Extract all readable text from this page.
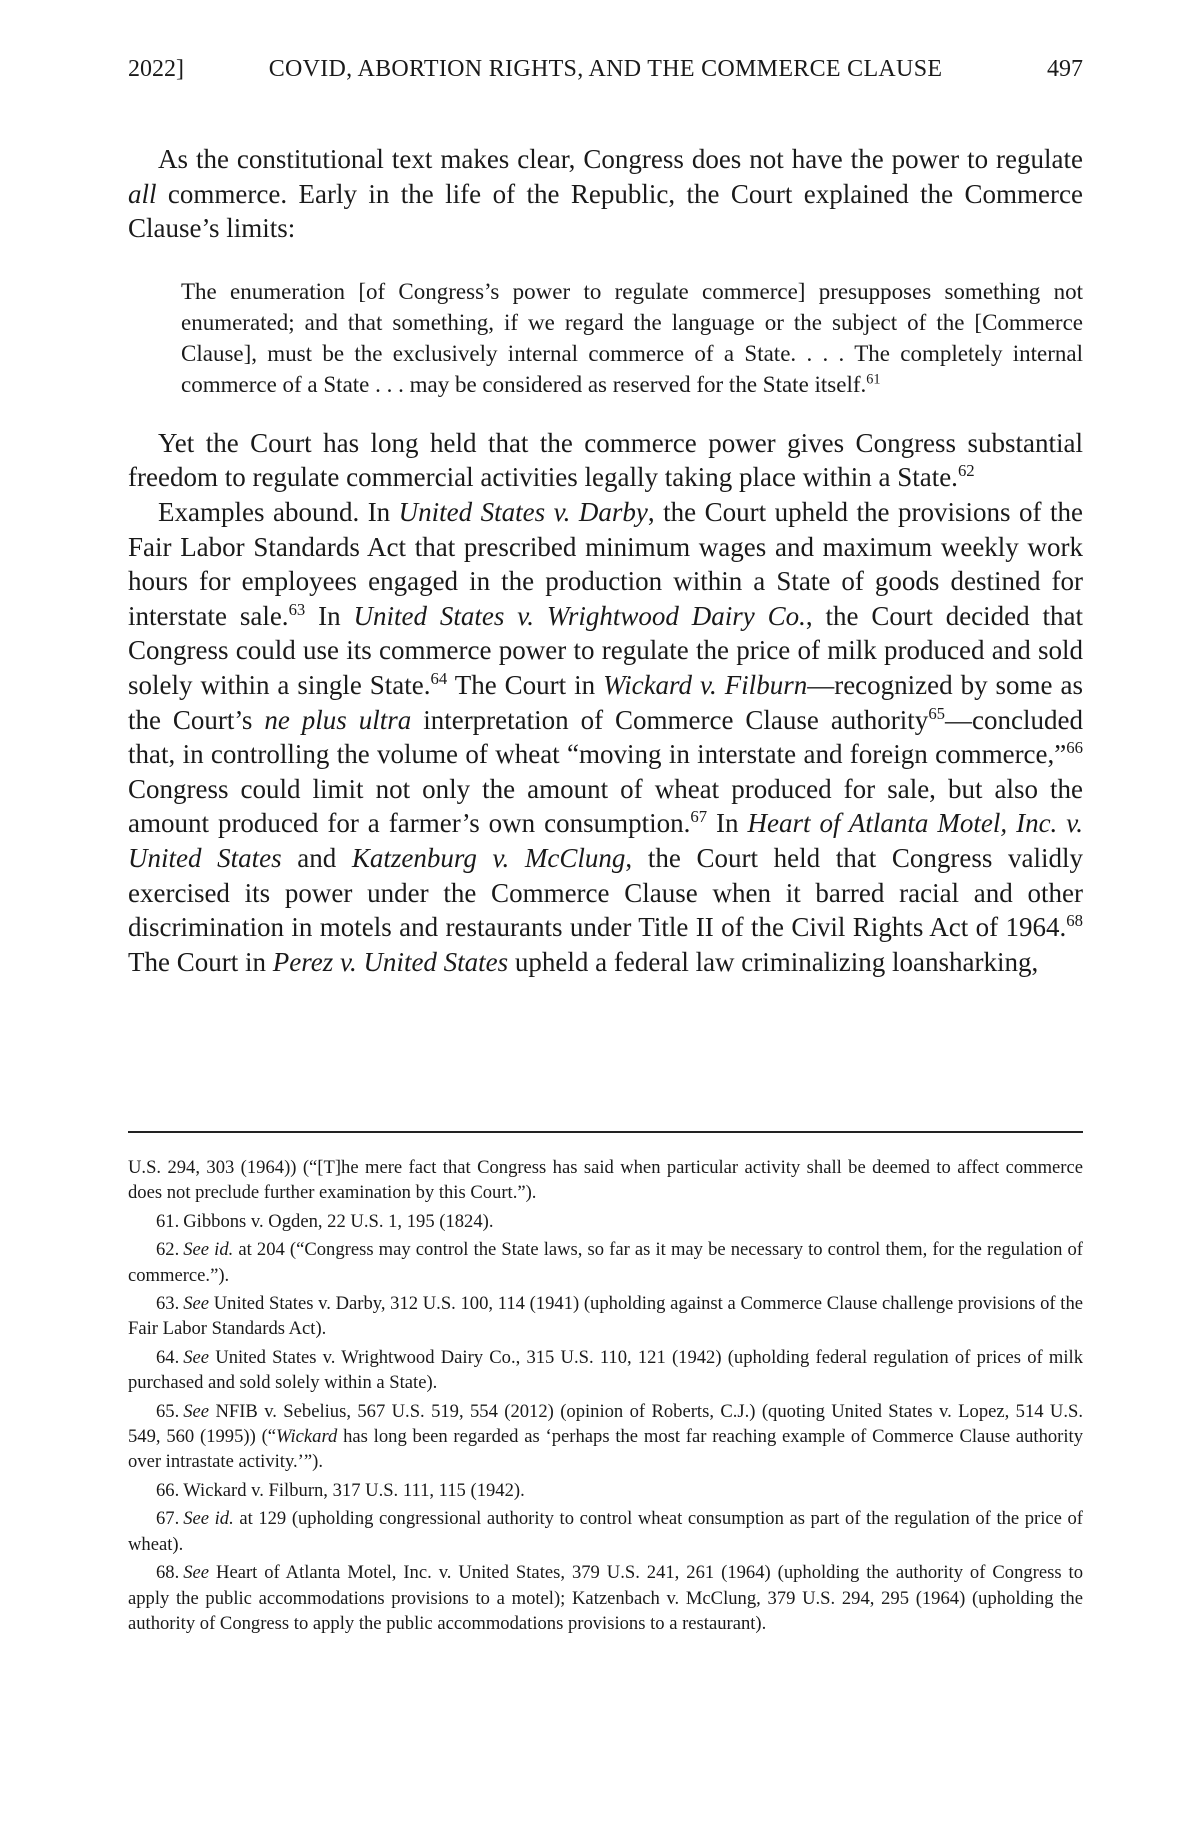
2022]	COVID, ABORTION RIGHTS, AND THE COMMERCE CLAUSE	497

As the constitutional text makes clear, Congress does not have the power to regulate all commerce. Early in the life of the Republic, the Court explained the Commerce Clause’s limits:

The enumeration [of Congress’s power to regulate commerce] presupposes something not enumerated; and that something, if we regard the language or the subject of the [Commerce Clause], must be the exclusively internal commerce of a State. . . . The completely internal commerce of a State . . . may be considered as reserved for the State itself.$^{61}$

Yet the Court has long held that the commerce power gives Congress substantial freedom to regulate commercial activities legally taking place within a State.$^{62}$

Examples abound. In United States v. Darby, the Court upheld the provisions of the Fair Labor Standards Act that prescribed minimum wages and maximum weekly work hours for employees engaged in the production within a State of goods destined for interstate sale.$^{63}$ In United States v. Wrightwood Dairy Co., the Court decided that Congress could use its commerce power to regulate the price of milk produced and sold solely within a single State.$^{64}$ The Court in Wickard v. Filburn—recognized by some as the Court’s ne plus ultra interpretation of Commerce Clause authority$^{65}$—concluded that, in controlling the volume of wheat “moving in interstate and foreign commerce,”$^{66}$ Congress could limit not only the amount of wheat produced for sale, but also the amount produced for a farmer’s own consumption.$^{67}$ In Heart of Atlanta Motel, Inc. v. United States and Katzenburg v. McClung, the Court held that Congress validly exercised its power under the Commerce Clause when it barred racial and other discrimination in motels and restaurants under Title II of the Civil Rights Act of 1964.68 The Court in Perez v. United States upheld a federal law criminalizing loansharking,

U.S. 294, 303 (1964)) (“[T]he mere fact that Congress has said when particular activity shall be deemed to affect commerce does not preclude further examination by this Court.”).

61. Gibbons v. Ogden, 22 U.S. 1, 195 (1824).

62. See id. at 204 (“Congress may control the State laws, so far as it may be necessary to control them, for the regulation of commerce.”).

63. See United States v. Darby, 312 U.S. 100, 114 (1941) (upholding against a Commerce Clause challenge provisions of the Fair Labor Standards Act).

64. See United States v. Wrightwood Dairy Co., 315 U.S. 110, 121 (1942) (upholding federal regulation of prices of milk purchased and sold solely within a State).

65. See NFIB v. Sebelius, 567 U.S. 519, 554 (2012) (opinion of Roberts, C.J.) (quoting United States v. Lopez, 514 U.S. 549, 560 (1995)) (“Wickard has long been regarded as ‘perhaps the most far reaching example of Commerce Clause authority over intrastate activity.’”).

66. Wickard v. Filburn, 317 U.S. 111, 115 (1942).

67. See id. at 129 (upholding congressional authority to control wheat consumption as part of the regulation of the price of wheat).

68. See Heart of Atlanta Motel, Inc. v. United States, 379 U.S. 241, 261 (1964) (upholding the authority of Congress to apply the public accommodations provisions to a motel); Katzenbach v. McClung, 379 U.S. 294, 295 (1964) (upholding the authority of Congress to apply the public accommodations provisions to a restaurant).
